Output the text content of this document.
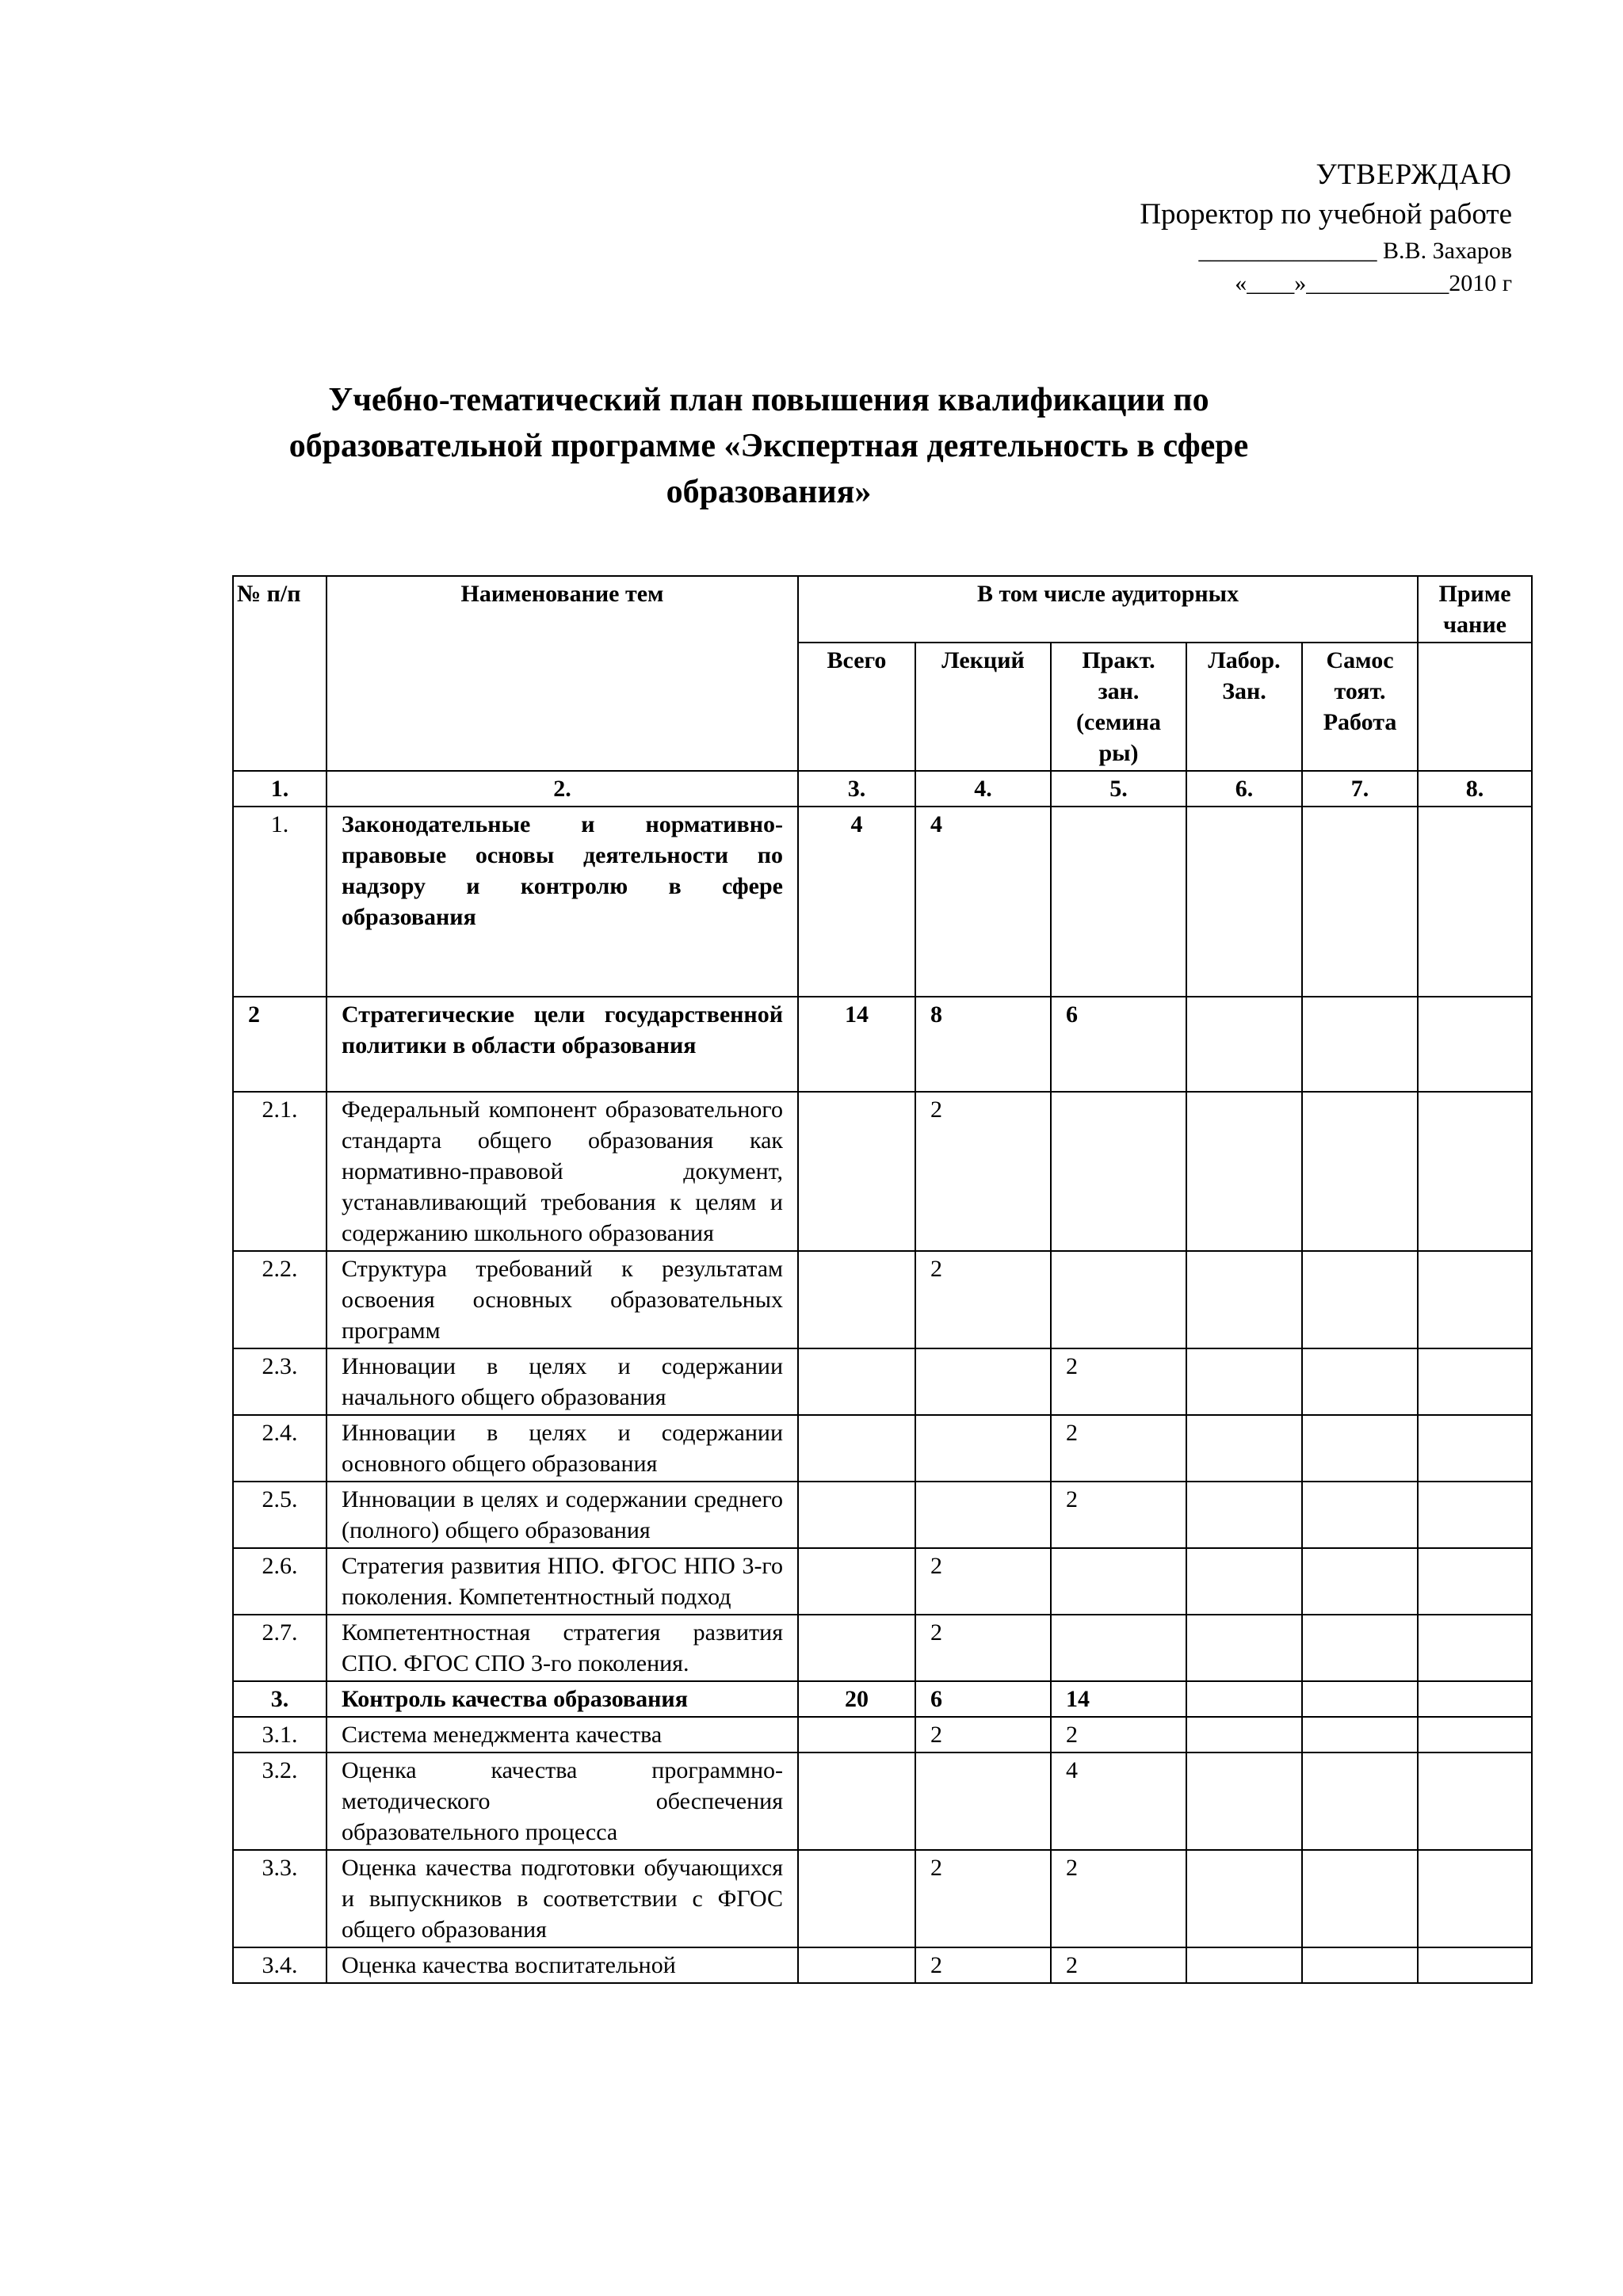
УТВЕРЖДАЮ
Проректор по учебной работе
_______________ В.В. Захаров
«____»____________2010 г
Учебно-тематический план повышения квалификации по образовательной программе «Экспертная деятельность в сфере образования»
№ п/п	Наименование тем	В том числе аудиторных					Приме чание
		Всего	Лекций	Практ. зан. (семина ры)	Лабор. Зан.	Самос тоят. Работа	
1.	2.	3.	4.	5.	6.	7.	8.
1.	Законодательные и нормативно-правовые основы деятельности по надзору и контролю в сфере образования	4	4				
2	Стратегические цели государственной политики в области образования	14	8	6			
2.1.	Федеральный компонент образовательного стандарта общего образования как нормативно-правовой документ, устанавливающий требования к целям и содержанию школьного образования		2				
2.2.	Структура требований к результатам освоения основных образовательных программ		2				
2.3.	Инновации в целях и содержании начального общего образования			2			
2.4.	Инновации в целях и содержании основного общего образования			2			
2.5.	Инновации в целях и содержании среднего (полного) общего образования			2			
2.6.	Стратегия развития НПО. ФГОС НПО 3-го поколения. Компетентностный подход		2				
2.7.	Компетентностная стратегия развития СПО. ФГОС СПО 3-го поколения.		2				
3.	Контроль качества образования	20	6	14			
3.1.	Система менеджмента качества		2	2			
3.2.	Оценка качества программно-методического обеспечения образовательного процесса			4			
3.3.	Оценка качества подготовки обучающихся и выпускников в соответствии с ФГОС общего образования		2	2			
3.4.	Оценка качества воспитательной		2	2			
